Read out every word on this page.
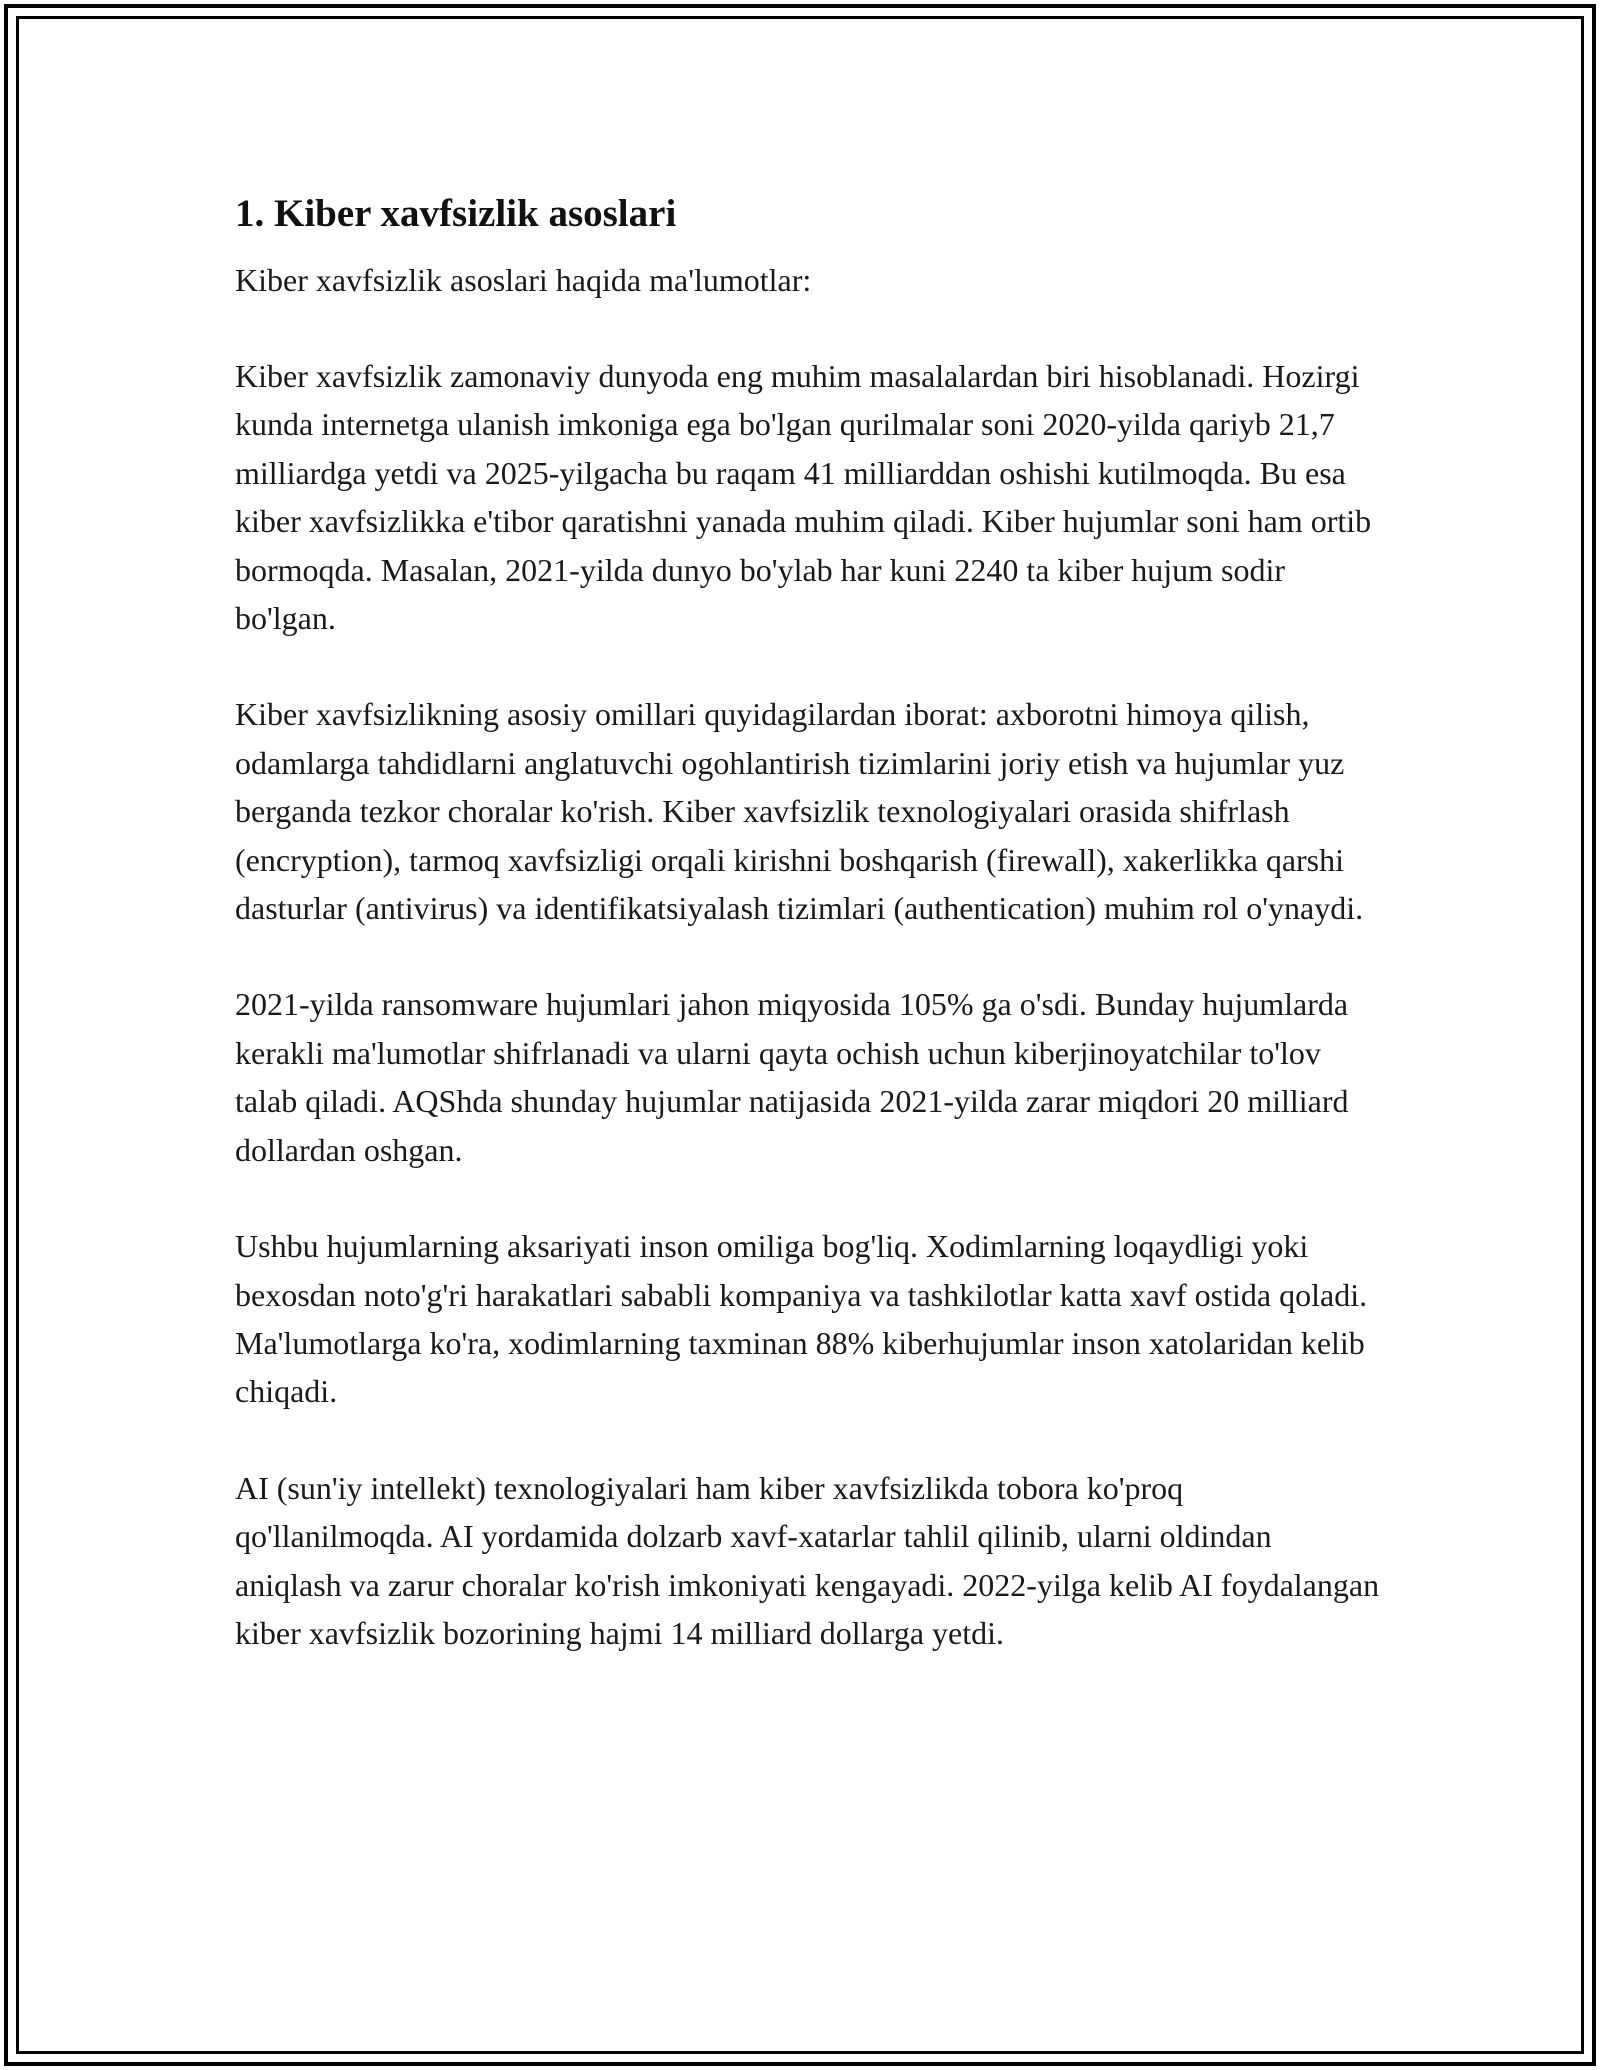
1. Kiber xavfsizlik asoslari

Kiber xavfsizlik asoslari haqida ma'lumotlar:

Kiber xavfsizlik zamonaviy dunyoda eng muhim masalalardan biri hisoblanadi. Hozirgi kunda internetga ulanish imkoniga ega bo'lgan qurilmalar soni 2020-yilda qariyb 21,7 milliardga yetdi va 2025-yilgacha bu raqam 41 milliarddan oshishi kutilmoqda. Bu esa kiber xavfsizlikka e'tibor qaratishni yanada muhim qiladi. Kiber hujumlar soni ham ortib bormoqda. Masalan, 2021-yilda dunyo bo'ylab har kuni 2240 ta kiber hujum sodir bo'lgan.

Kiber xavfsizlikning asosiy omillari quyidagilardan iborat: axborotni himoya qilish, odamlarga tahdidlarni anglatuvchi ogohlantirish tizimlarini joriy etish va hujumlar yuz berganda tezkor choralar ko'rish. Kiber xavfsizlik texnologiyalari orasida shifrlash (encryption), tarmoq xavfsizligi orqali kirishni boshqarish (firewall), xakerlikka qarshi dasturlar (antivirus) va identifikatsiyalash tizimlari (authentication) muhim rol o'ynaydi.

2021-yilda ransomware hujumlari jahon miqyosida 105% ga o'sdi. Bunday hujumlarda kerakli ma'lumotlar shifrlanadi va ularni qayta ochish uchun kiberjinoyatchilar to'lov talab qiladi. AQShda shunday hujumlar natijasida 2021-yilda zarar miqdori 20 milliard dollardan oshgan.

Ushbu hujumlarning aksariyati inson omiliga bog'liq. Xodimlarning loqaydligi yoki bexosdan noto'g'ri harakatlari sababli kompaniya va tashkilotlar katta xavf ostida qoladi. Ma'lumotlarga ko'ra, xodimlarning taxminan 88% kiberhujumlar inson xatolaridan kelib chiqadi.

AI (sun'iy intellekt) texnologiyalari ham kiber xavfsizlikda tobora ko'proq qo'llanilmoqda. AI yordamida dolzarb xavf-xatarlar tahlil qilinib, ularni oldindan aniqlash va zarur choralar ko'rish imkoniyati kengayadi. 2022-yilga kelib AI foydalangan kiber xavfsizlik bozorining hajmi 14 milliard dollarga yetdi.
